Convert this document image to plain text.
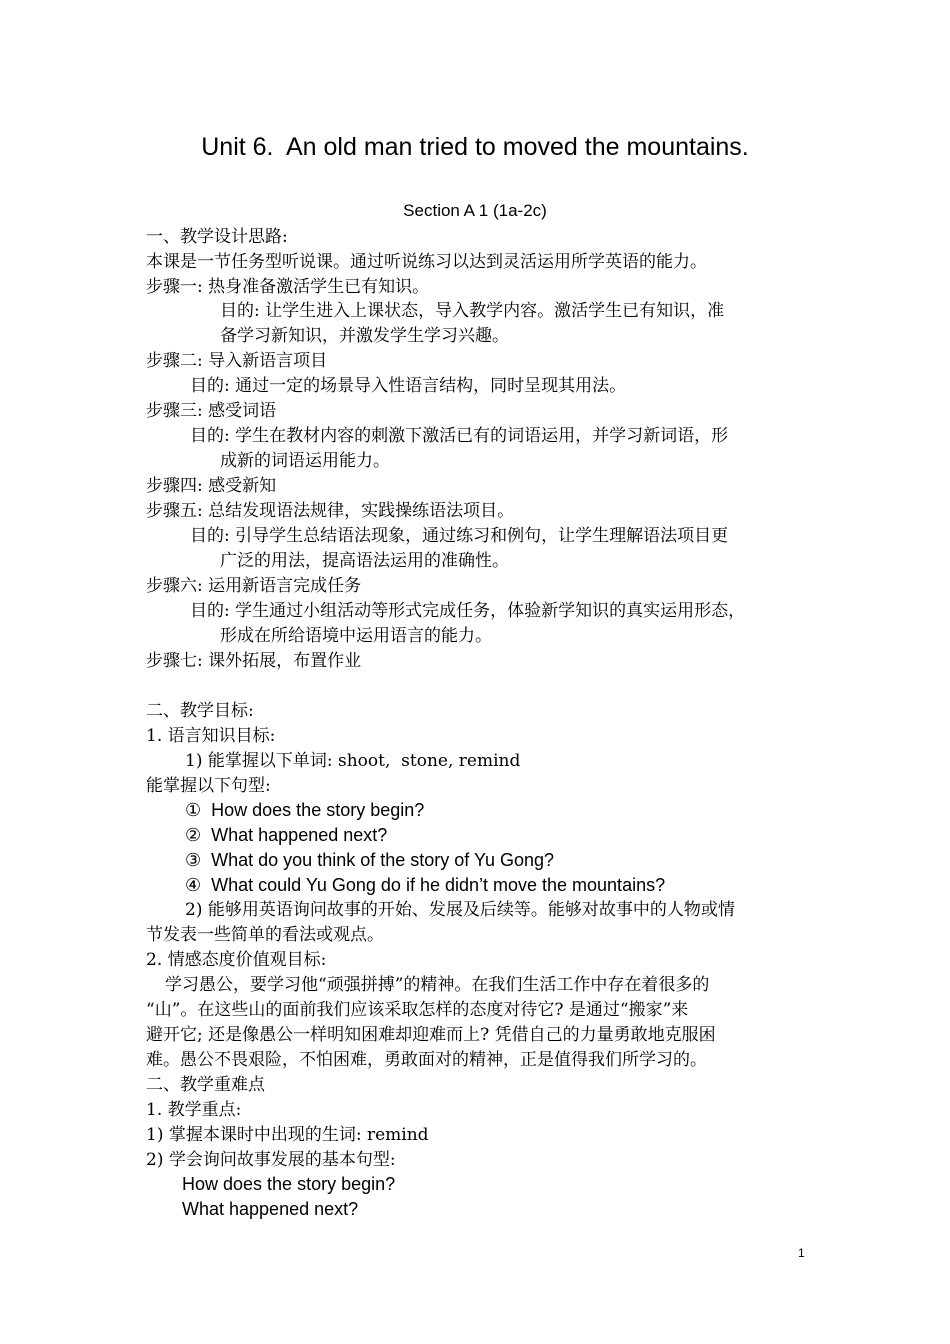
Unit 6.  An old man tried to moved the mountains.
Section A 1 (1a-2c)
一、教学设计思路:
本课是一节任务型听说课。通过听说练习以达到灵活运用所学英语的能力。
步骤一: 热身准备激活学生已有知识。
目的: 让学生进入上课状态，导入教学内容。激活学生已有知识，准
备学习新知识，并激发学生学习兴趣。
步骤二: 导入新语言项目
目的: 通过一定的场景导入性语言结构，同时呈现其用法。
步骤三: 感受词语
目的: 学生在教材内容的刺激下激活已有的词语运用，并学习新词语，形
成新的词语运用能力。
步骤四: 感受新知
步骤五: 总结发现语法规律，实践操练语法项目。
目的: 引导学生总结语法现象，通过练习和例句，让学生理解语法项目更
广泛的用法，提高语法运用的准确性。
步骤六: 运用新语言完成任务
目的: 学生通过小组活动等形式完成任务，体验新学知识的真实运用形态，
形成在所给语境中运用语言的能力。
步骤七: 课外拓展，布置作业
二、教学目标:
1. 语言知识目标:
1) 能掌握以下单词: shoot,  stone, remind
能掌握以下句型:
①  How does the story begin?
②  What happened next?
③  What do you think of the story of Yu Gong?
④  What could Yu Gong do if he didn’t move the mountains?
2) 能够用英语询问故事的开始、发展及后续等。能够对故事中的人物或情
节发表一些简单的看法或观点。
2. 情感态度价值观目标:
学习愚公，要学习他“顽强拼搏”的精神。在我们生活工作中存在着很多的
“山”。在这些山的面前我们应该采取怎样的态度对待它? 是通过“搬家”来
避开它; 还是像愚公一样明知困难却迎难而上? 凭借自己的力量勇敢地克服困
难。愚公不畏艰险，不怕困难，勇敢面对的精神，正是值得我们所学习的。
二、教学重难点
1. 教学重点:
1) 掌握本课时中出现的生词: remind
2) 学会询问故事发展的基本句型:
How does the story begin?
What happened next?
1
